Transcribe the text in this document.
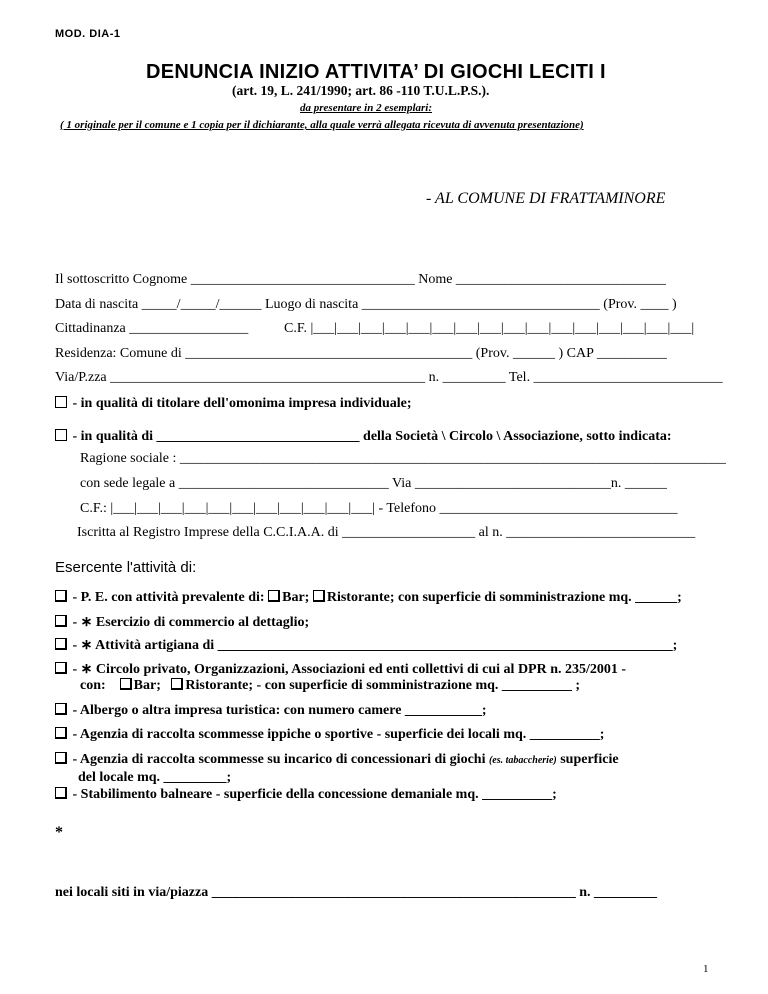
MOD. DIA-1
DENUNCIA INIZIO ATTIVITA’ DI GIOCHI LECITI I
(art. 19, L. 241/1990; art. 86 -110 T.U.L.P.S.).
da presentare in 2 esemplari:
( 1 originale per il comune e 1 copia per il dichiarante, alla quale verrà allegata ricevuta di avvenuta presentazione)
- AL COMUNE DI FRATTAMINORE
Il sottoscritto Cognome ________________________________ Nome ______________________________
Data di nascita _____/_____/______ Luogo di nascita __________________________________ (Prov. ____ )
Cittadinanza _________________	C.F. |___|___|___|___|___|___|___|___|___|___|___|___|___|___|___|___|
Residenza: Comune di _________________________________________ (Prov. ______ ) CAP __________
Via/P.zza _____________________________________________ n. _________ Tel. ___________________________
- in qualità di titolare dell'omonima impresa individuale;
- in qualità di _____________________________ della Società \ Circolo \ Associazione, sotto indicata:
Ragione sociale : ______________________________________________________________________________
con sede legale a ______________________________ Via ____________________________n. ______
C.F.: |___|___|___|___|___|___|___|___|___|___|___| - Telefono __________________________________
Iscritta al Registro Imprese della C.C.I.A.A. di ___________________ al n. ___________________________
Esercente l'attività di:
- P. E. con attività prevalente di: Bar; Ristorante; con superficie di somministrazione mq. ______;
- ∗ Esercizio di commercio al dettaglio;
- ∗ Attività artigiana di _________________________________________________________________;
- ∗ Circolo privato, Organizzazioni, Associazioni ed enti collettivi di cui al DPR n. 235/2001 -
con: Bar; Ristorante; - con superficie di somministrazione mq. __________ ;
- Albergo o altra impresa turistica: con numero camere ___________;
- Agenzia di raccolta scommesse ippiche o sportive - superficie dei locali mq. __________;
- Agenzia di raccolta scommesse su incarico di concessionari di giochi (es. tabaccherie) superficie
del locale mq. _________;
- Stabilimento balneare - superficie della concessione demaniale mq. __________;
*
nei locali siti in via/piazza ____________________________________________________ n. _________
1
